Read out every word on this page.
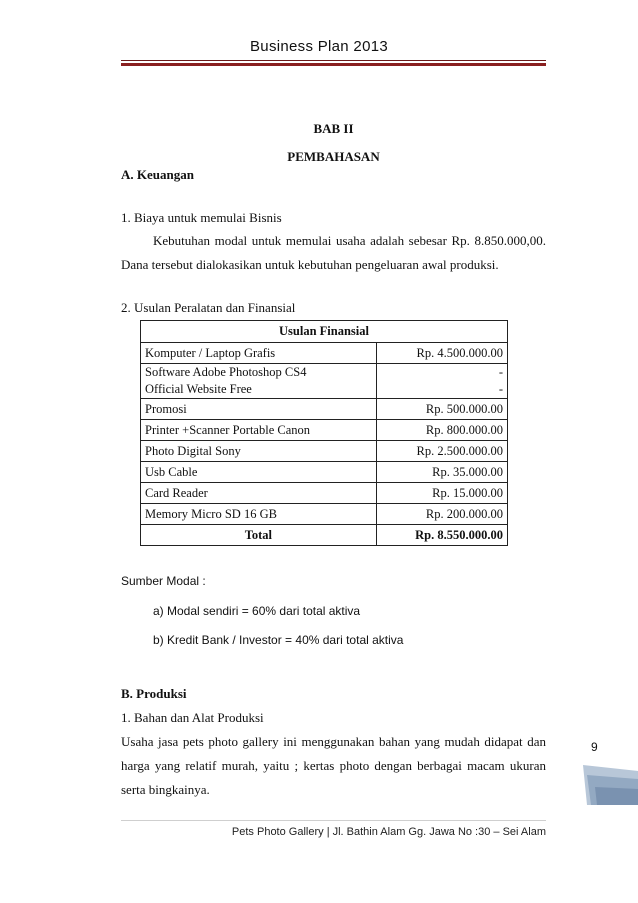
Business Plan 2013
BAB II
PEMBAHASAN
A. Keuangan
1. Biaya untuk memulai Bisnis
Kebutuhan modal untuk memulai usaha adalah sebesar Rp. 8.850.000,00.
Dana tersebut dialokasikan untuk kebutuhan pengeluaran awal produksi.
2. Usulan Peralatan dan Finansial
Usulan Finansial	
Komputer / Laptop Grafis	Rp. 4.500.000.00
Software Adobe Photoshop CS4	-
Official Website Free	-
Promosi	Rp. 500.000.00
Printer +Scanner Portable Canon	Rp. 800.000.00
Photo Digital Sony	Rp. 2.500.000.00
Usb Cable	Rp. 35.000.00
Card Reader	Rp. 15.000.00
Memory Micro SD 16 GB	Rp. 200.000.00
Total	Rp. 8.550.000.00
Sumber Modal :
a) Modal sendiri = 60% dari total aktiva
b) Kredit Bank / Investor = 40% dari total aktiva
B. Produksi
1. Bahan dan Alat Produksi
Usaha jasa pets photo gallery ini menggunakan bahan yang mudah didapat dan
harga yang relatif murah, yaitu ; kertas photo dengan berbagai macam ukuran
serta bingkainya.
9
Pets Photo Gallery | Jl. Bathin Alam Gg. Jawa No :30 – Sei Alam
